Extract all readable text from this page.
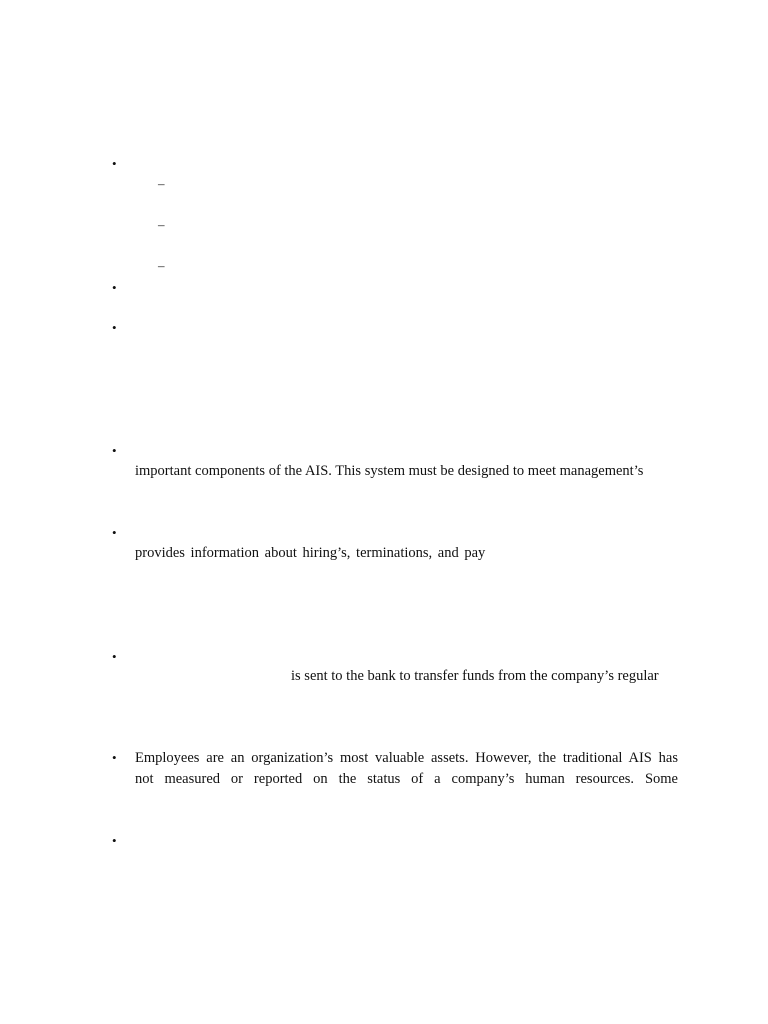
•
–
–
–
•
•
•
important components of the AIS. This system must be designed to meet management’s
•
provides information about hiring’s, terminations, and pay
•
is sent to the bank to transfer funds from the company’s regular
• Employees are an organization’s most valuable assets. However, the traditional AIS has
not measured or reported on the status of a company’s human resources. Some
•
